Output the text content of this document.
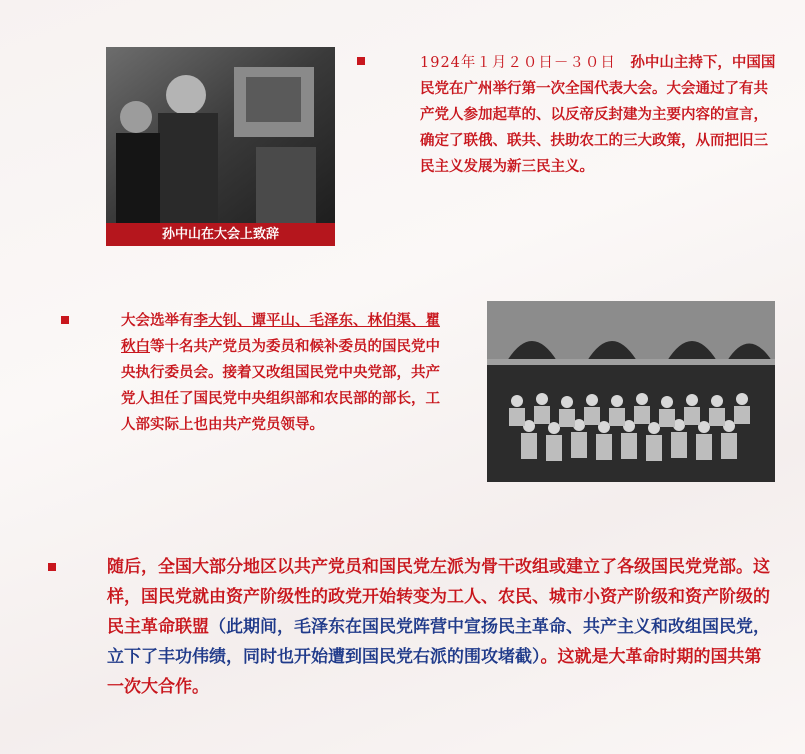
孙中山在大会上致辞

1924年１月２０日－３０日　 孙中山主持下，中国国民党在广州举行第一次全国代表大会。大会通过了有共产党人参加起草的、以反帝反封建为主要内容的宣言，确定了联俄、联共、扶助农工的三大政策，从而把旧三民主义发展为新三民主义。

大会选举有李大钊、谭平山、毛泽东、林伯渠、瞿秋白等十名共产党员为委员和候补委员的国民党中央执行委员会。接着又改组国民党中央党部，共产党人担任了国民党中央组织部和农民部的部长，工人部实际上也由共产党员领导。

随后，全国大部分地区以共产党员和国民党左派为骨干改组或建立了各级国民党党部。这样，国民党就由资产阶级性的政党开始转变为工人、农民、城市小资产阶级和资产阶级的民主革命联盟（此期间，毛泽东在国民党阵营中宣扬民主革命、共产主义和改组国民党，立下了丰功伟绩，同时也开始遭到国民党右派的围攻堵截）。这就是大革命时期的国共第一次大合作。
